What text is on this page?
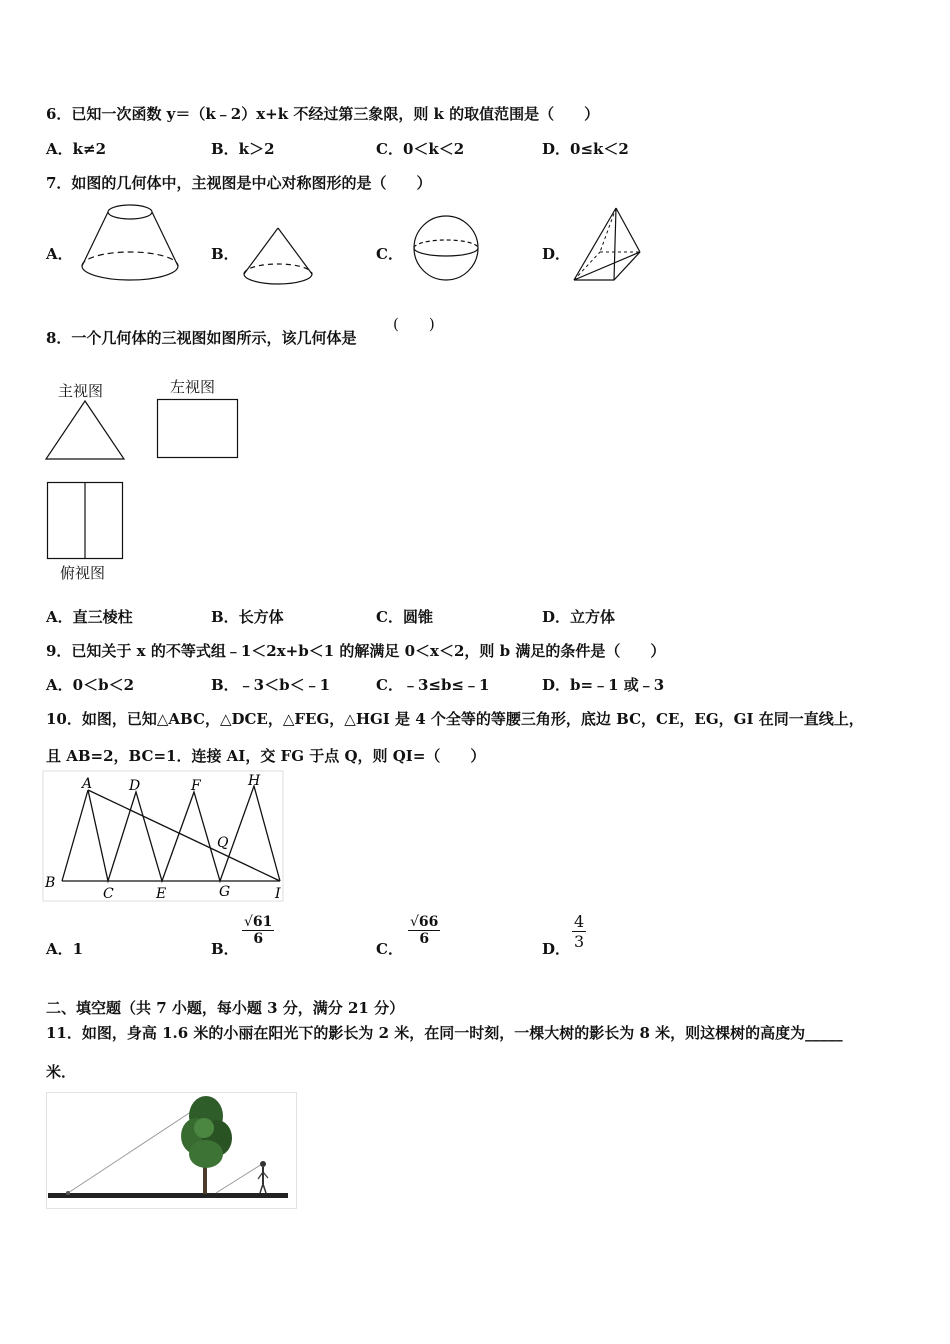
6．已知一次函数 y＝（k﹣2）x+k 不经过第三象限，则 k 的取值范围是（　　）
A．k≠2	B．k＞2	C．0＜k＜2	D．0≤k＜2
7．如图的几何体中，主视图是中心对称图形的是（　　）
A．	B．	C．	D．
8．一个几何体的三视图如图所示，该几何体是
(　　)
主视图	左视图
俯视图
A．直三棱柱	B．长方体	C．圆锥	D．立方体
9．已知关于 x 的不等式组﹣1＜2x+b＜1 的解满足 0＜x＜2，则 b 满足的条件是（　　）
A．0＜b＜2	B．﹣3＜b＜﹣1	C．﹣3≤b≤﹣1	D．b=﹣1 或﹣3
10．如图，已知△ABC，△DCE，△FEG，△HGI 是 4 个全等的等腰三角形，底边 BC，CE，EG，GI 在同一直线上，
且 AB=2，BC=1．连接 AI，交 FG 于点 Q，则 QI=（　　）
A	D	F	H
B
C	E	G	I
Q
A．1	B．
$\frac{√61}{6}$
C．
$\frac{√66}{6}$
D． $\frac{4}{3}$
二、填空题（共 7 小题，每小题 3 分，满分 21 分）
11．如图，身高 1.6 米的小丽在阳光下的影长为 2 米，在同一时刻，一棵大树的影长为 8 米，则这棵树的高度为_____
米．
